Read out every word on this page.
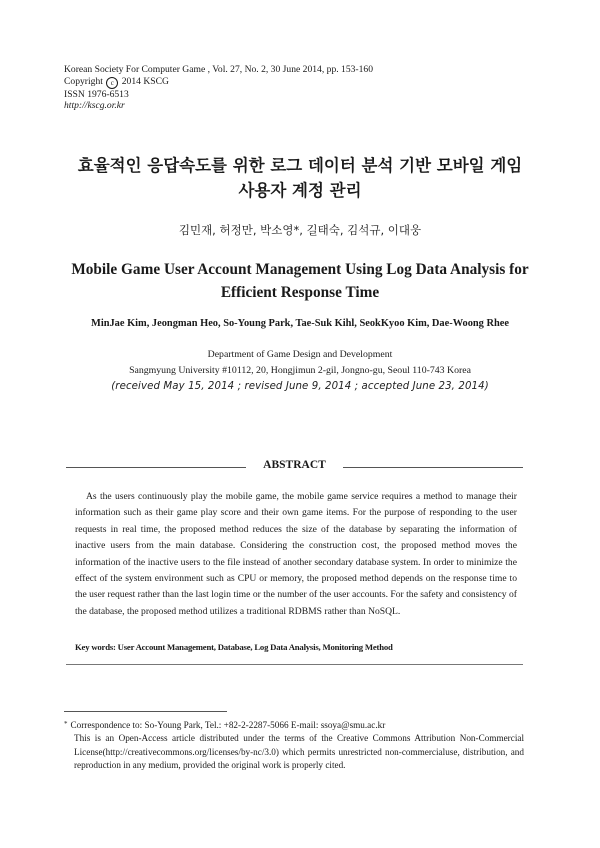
Korean Society For Computer Game , Vol. 27, No. 2, 30 June 2014, pp. 153-160
Copyright c 2014 KSCG
ISSN 1976-6513
http://kscg.or.kr
효율적인 응답속도를 위한 로그 데이터 분석 기반 모바일 게임
사용자 계정 관리
김민재, 허정만, 박소영*, 길태숙, 김석규, 이대웅
Mobile Game User Account Management Using Log Data Analysis for
Efficient Response Time
MinJae Kim, Jeongman Heo, So-Young Park, Tae-Suk Kihl, SeokKyoo Kim, Dae-Woong Rhee
Department of Game Design and Development
Sangmyung University #10112, 20, Hongjimun 2-gil, Jongno-gu, Seoul 110-743 Korea
(received May 15, 2014 ; revised June 9, 2014 ; accepted June 23, 2014)
ABSTRACT
As the users continuously play the mobile game, the mobile game service requires a method to manage their information such as their game play score and their own game items. For the purpose of responding to the user requests in real time, the proposed method reduces the size of the database by separating the information of inactive users from the main database. Considering the construction cost, the proposed method moves the information of the inactive users to the file instead of another secondary database system. In order to minimize the effect of the system environment such as CPU or memory, the proposed method depends on the response time to the user request rather than the last login time or the number of the user accounts. For the safety and consistency of the database, the proposed method utilizes a traditional RDBMS rather than NoSQL.
Key words: User Account Management, Database, Log Data Analysis, Monitoring Method
* Correspondence to: So-Young Park, Tel.: +82-2-2287-5066 E-mail: ssoya@smu.ac.kr
This is an Open-Access article distributed under the terms of the Creative Commons Attribution Non-Commercial License(http://creativecommons.org/licenses/by-nc/3.0) which permits unrestricted non-commercialuse, distribution, and reproduction in any medium, provided the original work is properly cited.
